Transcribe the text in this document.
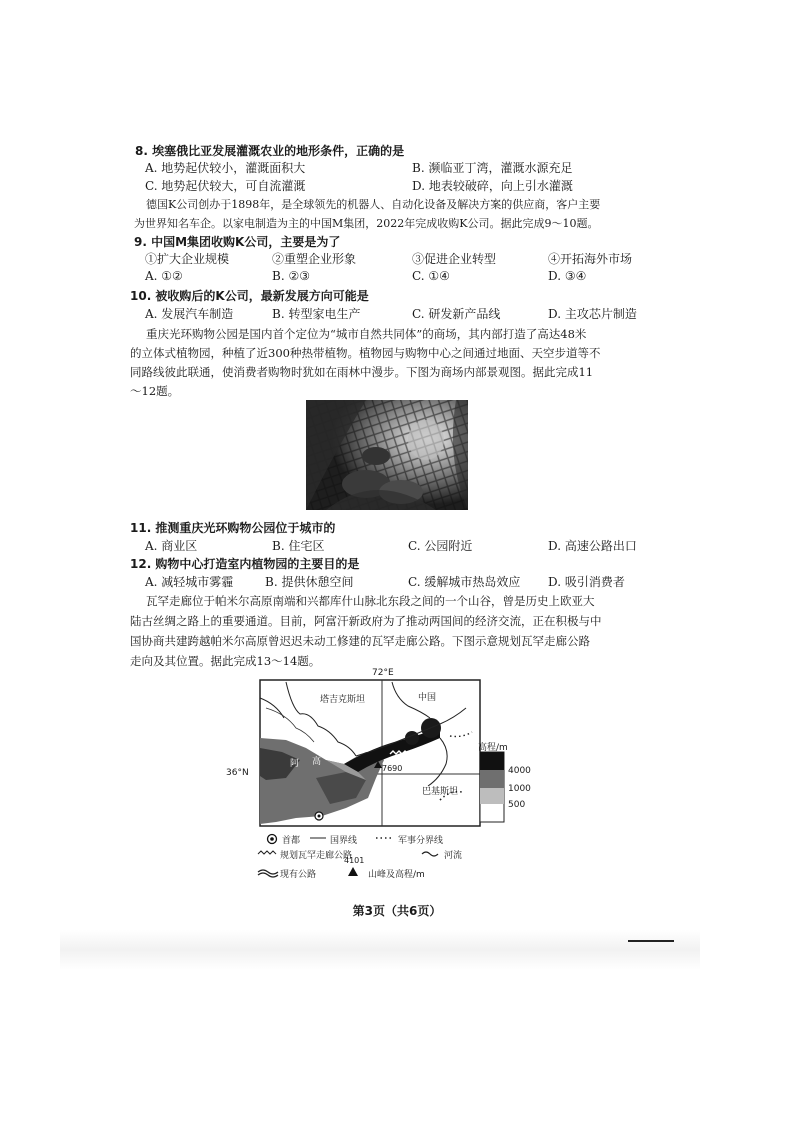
8. 埃塞俄比亚发展灌溉农业的地形条件，正确的是
A. 地势起伏较小，灌溉面积大	B. 濒临亚丁湾，灌溉水源充足
C. 地势起伏较大，可自流灌溉	D. 地表较破碎，向上引水灌溉
德国K公司创办于1898年，是全球领先的机器人、自动化设备及解决方案的供应商，客户主要
为世界知名车企。以家电制造为主的中国M集团，2022年完成收购K公司。据此完成9～10题。
9. 中国M集团收购K公司，主要是为了
①扩大企业规模	②重塑企业形象	③促进企业转型	④开拓海外市场
A. ①②	B. ②③	C. ①④	D. ③④
10. 被收购后的K公司，最新发展方向可能是
A. 发展汽车制造	B. 转型家电生产	C. 研发新产品线	D. 主攻芯片制造
重庆光环购物公园是国内首个定位为“城市自然共同体”的商场，其内部打造了高达48米
的立体式植物园，种植了近300种热带植物。植物园与购物中心之间通过地面、天空步道等不
同路线彼此联通，使消费者购物时犹如在雨林中漫步。下图为商场内部景观图。据此完成11
～12题。
11. 推测重庆光环购物公园位于城市的
A. 商业区	B. 住宅区	C. 公园附近	D. 高速公路出口
12. 购物中心打造室内植物园的主要目的是
A. 减轻城市雾霾	B. 提供休憩空间	C. 缓解城市热岛效应 D. 吸引消费者
瓦罕走廊位于帕米尔高原南端和兴都库什山脉北东段之间的一个山谷，曾是历史上欧亚大
陆古丝绸之路上的重要通道。目前，阿富汗新政府为了推动两国间的经济交流，正在积极与中
国协商共建跨越帕米尔高原曾迟迟未动工修建的瓦罕走廊公路。下图示意规划瓦罕走廊公路
走向及其位置。据此完成13～14题。
72°E
36°N
塔吉克斯坦	中国
巴基斯坦
阿 高
7690
高程/m
4000
1000
500
首都	国界线	军事分界线
规划瓦罕走廊公路	河流
现有公路
4101
山峰及高程/m
第3页（共6页）
